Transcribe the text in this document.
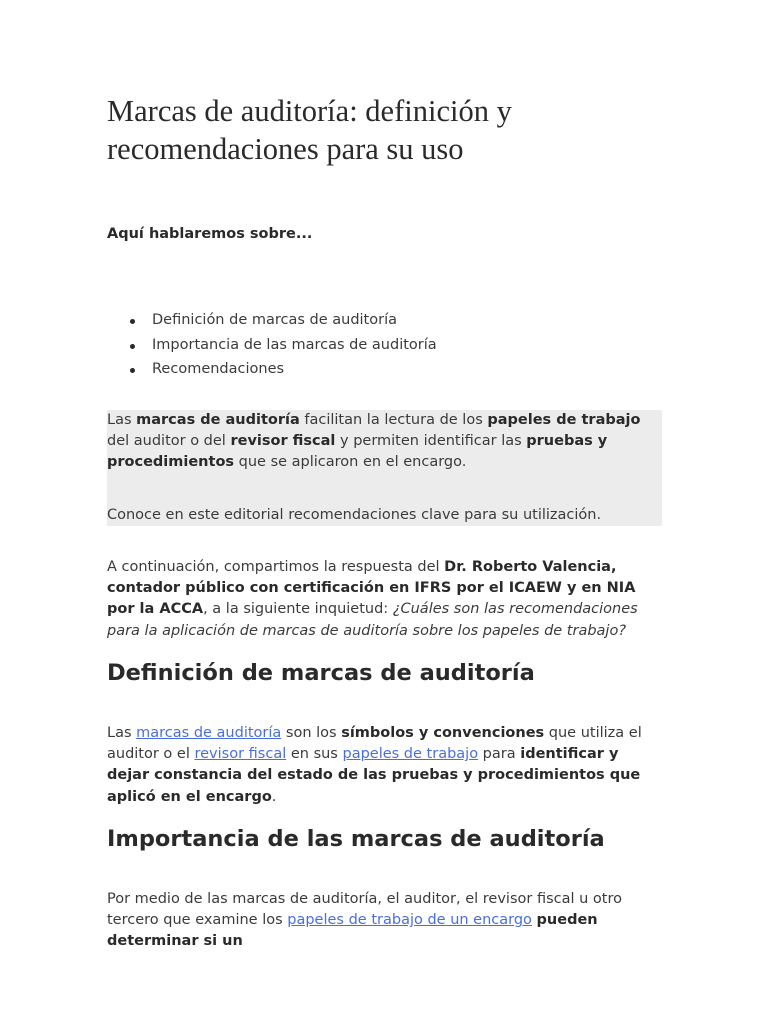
Marcas de auditoría: definición y recomendaciones para su uso

Aquí hablaremos sobre...

Definición de marcas de auditoría
Importancia de las marcas de auditoría
Recomendaciones

Las marcas de auditoría facilitan la lectura de los papeles de trabajo del auditor o del revisor fiscal y permiten identificar las pruebas y procedimientos que se aplicaron en el encargo.

Conoce en este editorial recomendaciones clave para su utilización.

A continuación, compartimos la respuesta del Dr. Roberto Valencia, contador público con certificación en IFRS por el ICAEW y en NIA por la ACCA, a la siguiente inquietud: ¿Cuáles son las recomendaciones para la aplicación de marcas de auditoría sobre los papeles de trabajo?

Definición de marcas de auditoría

Las marcas de auditoría son los símbolos y convenciones que utiliza el auditor o el revisor fiscal en sus papeles de trabajo para identificar y dejar constancia del estado de las pruebas y procedimientos que aplicó en el encargo.

Importancia de las marcas de auditoría

Por medio de las marcas de auditoría, el auditor, el revisor fiscal u otro tercero que examine los papeles de trabajo de un encargo pueden determinar si un
